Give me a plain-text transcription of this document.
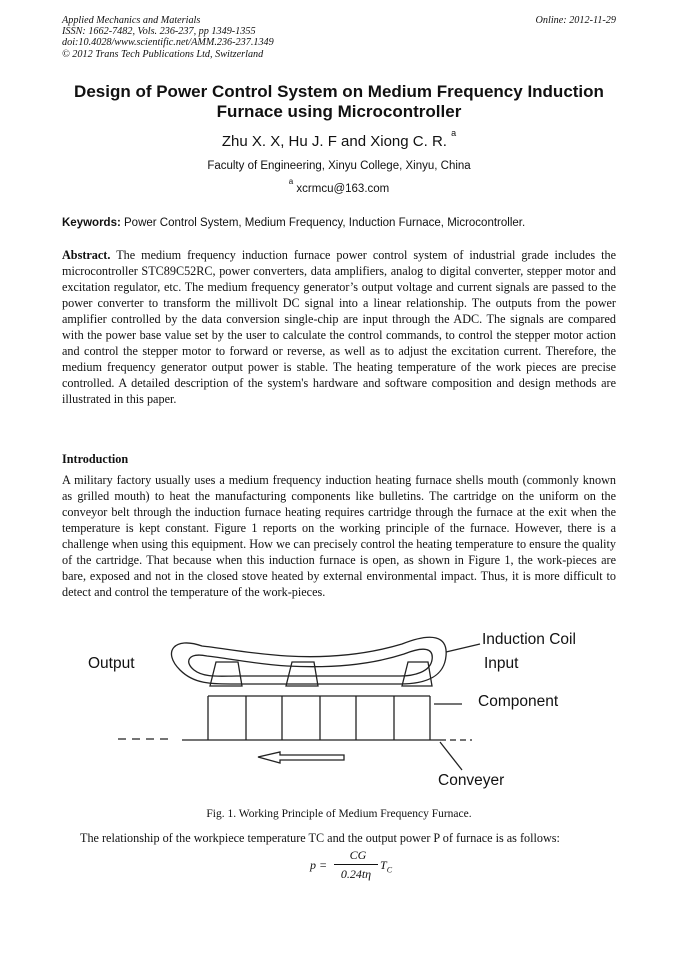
Applied Mechanics and Materials
ISSN: 1662-7482, Vols. 236-237, pp 1349-1355
doi:10.4028/www.scientific.net/AMM.236-237.1349
© 2012 Trans Tech Publications Ltd, Switzerland
Online: 2012-11-29
Design of Power Control System on Medium Frequency Induction Furnace using Microcontroller
Zhu X. X, Hu J. F and Xiong C. R. $^a$
Faculty of Engineering, Xinyu College, Xinyu, China
$^a$ xcrmcu@163.com
Keywords: Power Control System, Medium Frequency, Induction Furnace, Microcontroller.
Abstract. The medium frequency induction furnace power control system of industrial grade includes the microcontroller STC89C52RC, power converters, data amplifiers, analog to digital converter, stepper motor and excitation regulator, etc. The medium frequency generator’s output voltage and current signals are passed to the power converter to transform the millivolt DC signal into a linear relationship. The outputs from the power amplifier controlled by the data conversion single-chip are input through the ADC. The signals are compared with the power base value set by the user to calculate the control commands, to control the stepper motor action and control the stepper motor to forward or reverse, as well as to adjust the excitation current. Therefore, the medium frequency generator output power is stable. The heating temperature of the work pieces are precise controlled. A detailed description of the system's hardware and software composition and design methods are illustrated in this paper.
Introduction
A military factory usually uses a medium frequency induction heating furnace shells mouth (commonly known as grilled mouth) to heat the manufacturing components like bulletins. The cartridge on the uniform on the conveyor belt through the induction furnace heating requires cartridge through the furnace at the exit when the temperature is kept constant. Figure 1 reports on the working principle of the furnace. However, there is a challenge when using this equipment. How we can precisely control the heating temperature to ensure the quality of the cartridge. That because when this induction furnace is open, as shown in Figure 1, the work-pieces are bare, exposed and not in the closed stove heated by external environmental impact. Thus, it is more difficult to detect and control the temperature of the work-pieces.
Output
Induction Coil
Input
Component
Conveyer
Fig. 1. Working Principle of Medium Frequency Furnace.
The relationship of the workpiece temperature TC and the output power P of furnace is as follows:
p =
CG
0.24tη
$T_C$
